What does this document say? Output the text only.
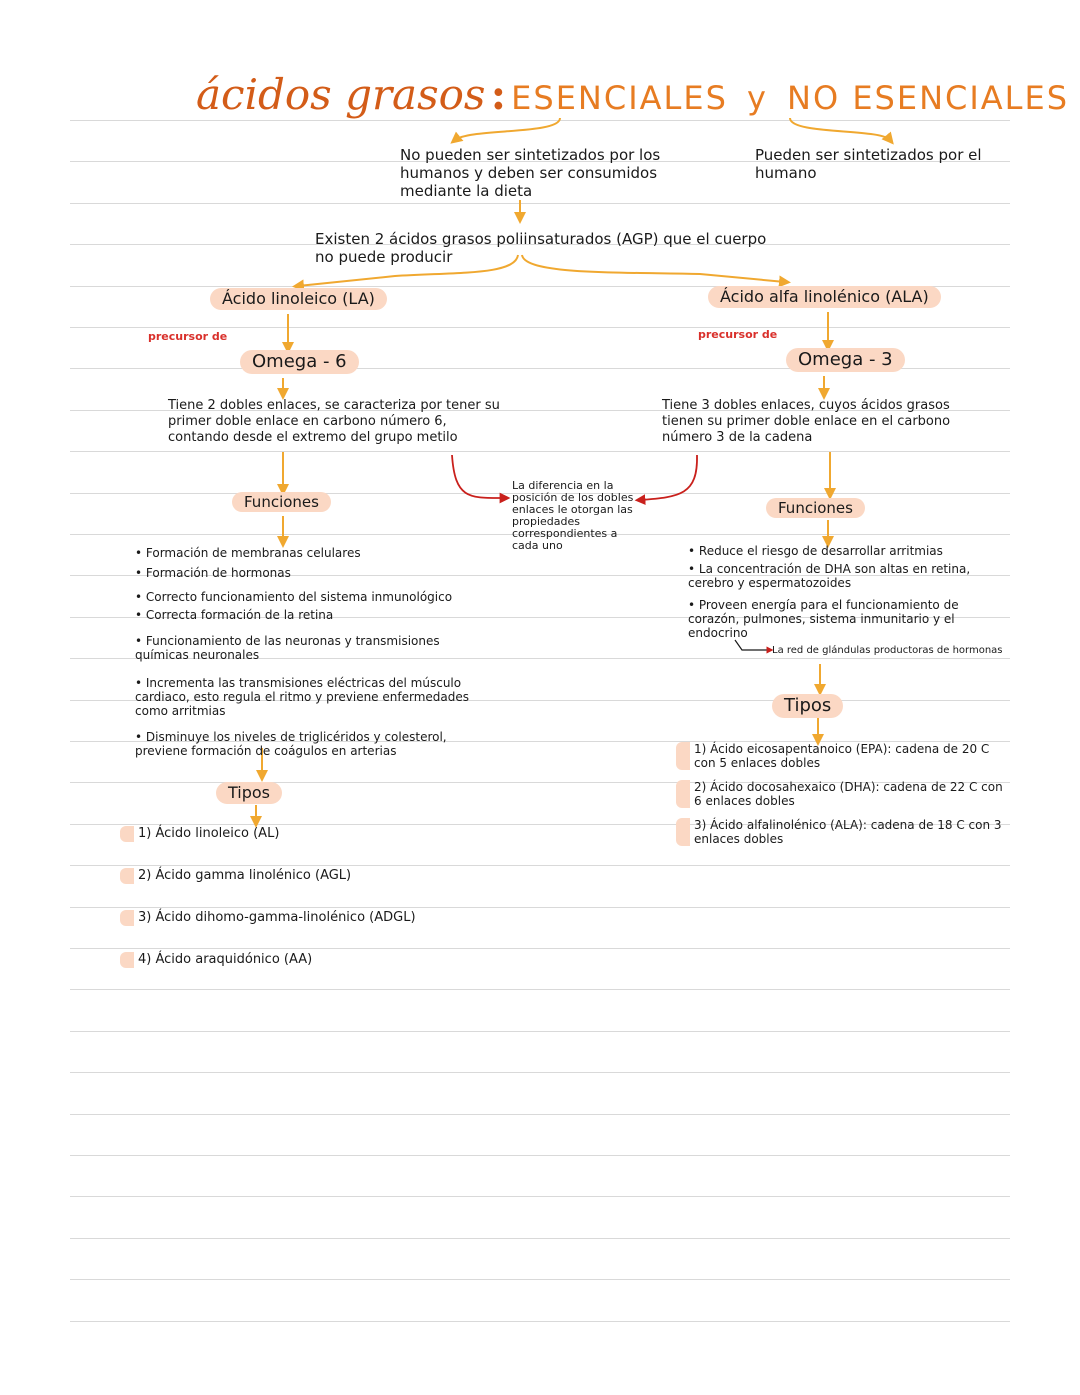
ácidos grasos : ESENCIALES y NO ESENCIALES
No pueden ser sintetizados por los humanos y deben ser consumidos mediante la dieta
Pueden ser sintetizados por el humano
Existen 2 ácidos grasos poliinsaturados (AGP) que el cuerpo no puede producir
Ácido linoleico (LA)
precursor de
Omega - 6
Tiene 2 dobles enlaces, se caracteriza por tener su primer doble enlace en carbono número 6, contando desde el extremo del grupo metilo
Funciones
• Formación de membranas celulares
• Formación de hormonas
• Correcto funcionamiento del sistema inmunológico
• Correcta formación de la retina
• Funcionamiento de las neuronas y transmisiones químicas neuronales
• Incrementa las transmisiones eléctricas del músculo cardiaco, esto regula el ritmo y previene enfermedades como arritmias
• Disminuye los niveles de triglicéridos y colesterol, previene formación de coágulos en arterias
Tipos
1) Ácido linoleico (AL)
2) Ácido gamma linolénico (AGL)
3) Ácido dihomo-gamma-linolénico (ADGL)
4) Ácido araquidónico (AA)
La diferencia en la posición de los dobles enlaces le otorgan las propiedades correspondientes a cada uno
Ácido alfa linolénico (ALA)
precursor de
Omega - 3
Tiene 3 dobles enlaces, cuyos ácidos grasos tienen su primer doble enlace en el carbono número 3 de la cadena
Funciones
• Reduce el riesgo de desarrollar arritmias
• La concentración de DHA son altas en retina, cerebro y espermatozoides
• Proveen energía para el funcionamiento de corazón, pulmones, sistema inmunitario y el endocrino
La red de glándulas productoras de hormonas
Tipos
1) Ácido eicosapentanoico (EPA): cadena de 20 C con 5 enlaces dobles
2) Ácido docosahexaico (DHA): cadena de 22 C con 6 enlaces dobles
3) Ácido alfalinolénico (ALA): cadena de 18 C con 3 enlaces dobles
